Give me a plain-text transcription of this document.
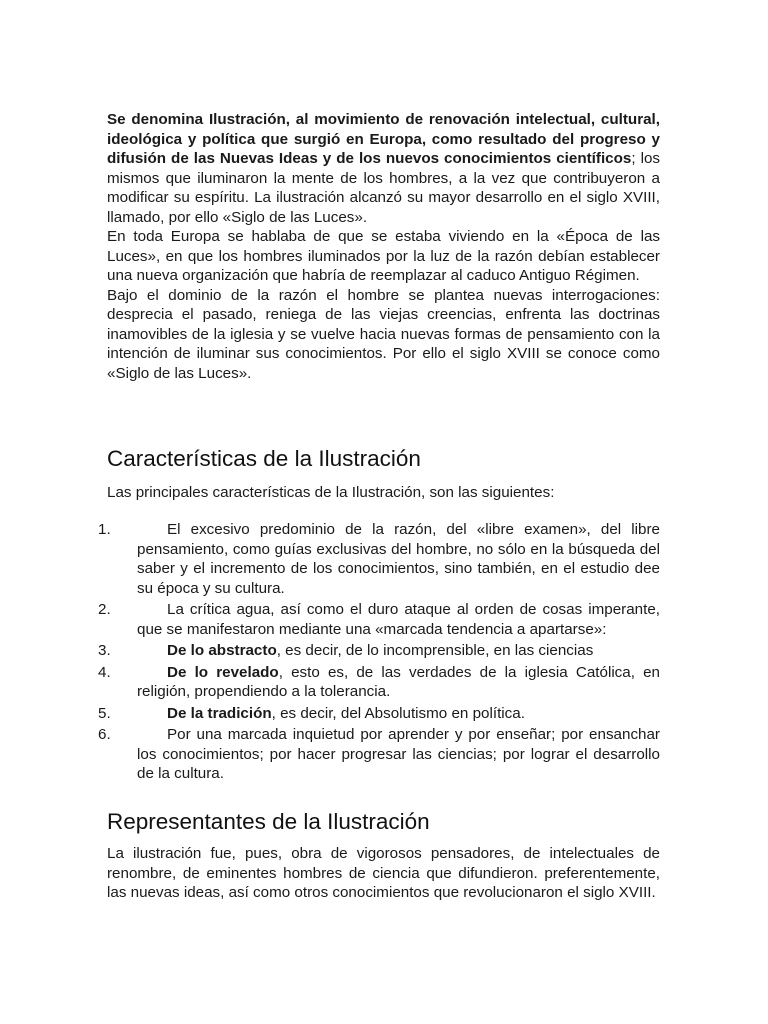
Se denomina Ilustración, al movimiento de renovación intelectual, cultural, ideológica y política que surgió en Europa, como resultado del progreso y difusión de las Nuevas Ideas y de los nuevos conocimientos científicos; los mismos que iluminaron la mente de los hombres, a la vez que contribuyeron a modificar su espíritu. La ilustración alcanzó su mayor desarrollo en el siglo XVIII, llamado, por ello «Siglo de las Luces».

En toda Europa se hablaba de que se estaba viviendo en la «Época de las Luces», en que los hombres iluminados por la luz de la razón debían establecer una nueva organización que habría de reemplazar al caduco Antiguo Régimen.

Bajo el dominio de la razón el hombre se plantea nuevas interrogaciones: desprecia el pasado, reniega de las viejas creencias, enfrenta las doctrinas inamovibles de la iglesia y se vuelve hacia nuevas formas de pensamiento con la intención de iluminar sus conocimientos. Por ello el siglo XVIII se conoce como «Siglo de las Luces».

Características de la Ilustración

Las principales características de la Ilustración, son las siguientes:

1.	El excesivo predominio de la razón, del «libre examen», del libre pensamiento, como guías exclusivas del hombre, no sólo en la búsqueda del saber y el incremento de los conocimientos, sino también, en el estudio dee su época y su cultura.
2.	La crítica agua, así como el duro ataque al orden de cosas imperante, que se manifestaron mediante una «marcada tendencia a apartarse»:
3.	De lo abstracto, es decir, de lo incomprensible, en las ciencias
4.	De lo revelado, esto es, de las verdades de la iglesia Católica, en religión, propendiendo a la tolerancia.
5.	De la tradición, es decir, del Absolutismo en política.
6.	Por una marcada inquietud por aprender y por enseñar; por ensanchar los conocimientos; por hacer progresar las ciencias; por lograr el desarrollo de la cultura.
Representantes de la Ilustración

La ilustración fue, pues, obra de vigorosos pensadores, de intelectuales de renombre, de eminentes hombres de ciencia que difundieron. preferentemente, las nuevas ideas, así como otros conocimientos que revolucionaron el siglo XVIII.
